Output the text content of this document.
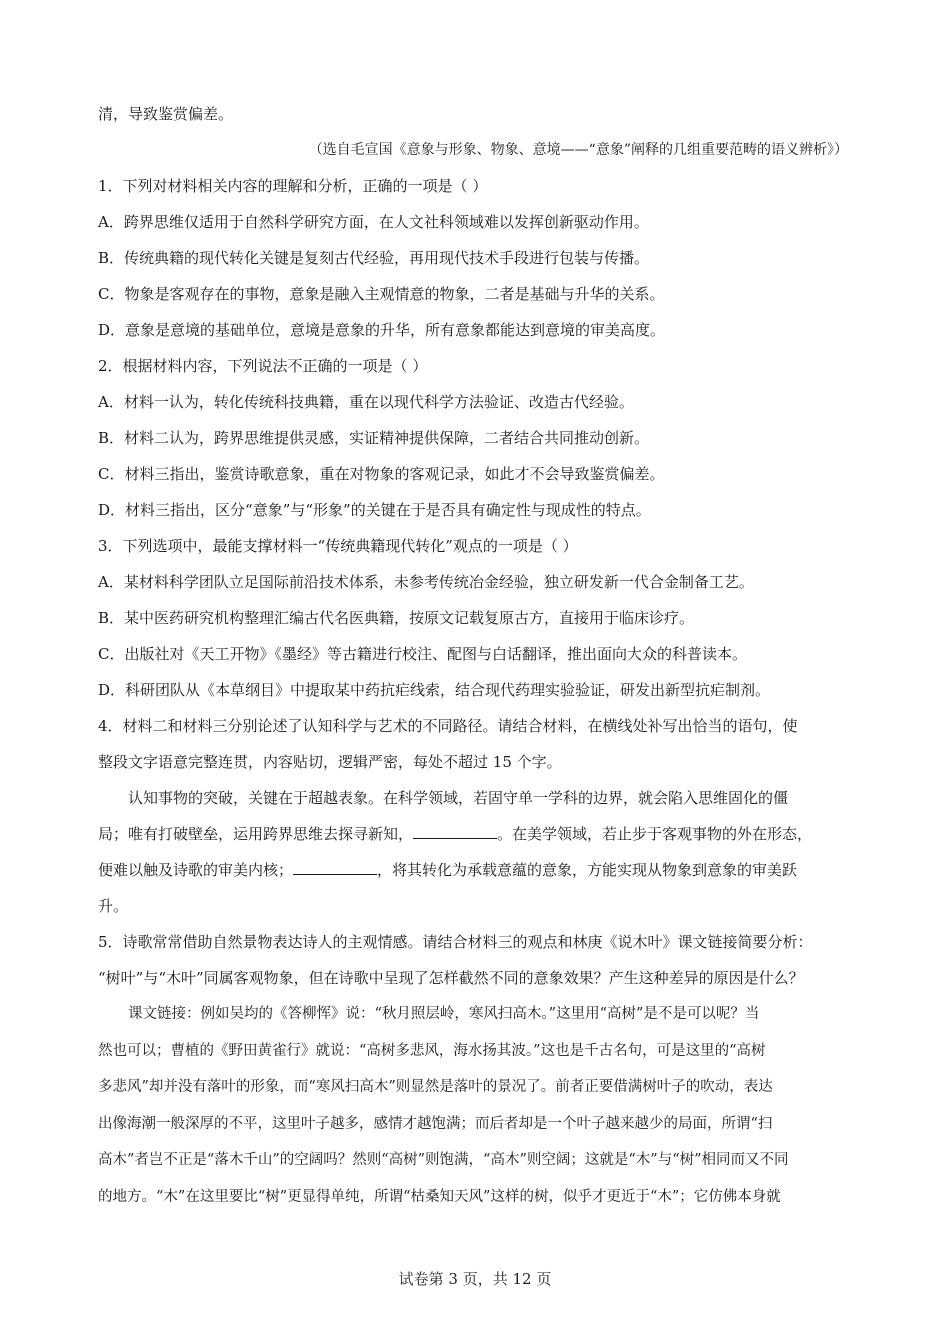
清，导致鉴赏偏差。
（选自毛宣国《意象与形象、物象、意境——“意象”阐释的几组重要范畴的语义辨析》）
1．下列对材料相关内容的理解和分析，正确的一项是（ ）
A．跨界思维仅适用于自然科学研究方面，在人文社科领域难以发挥创新驱动作用。
B．传统典籍的现代转化关键是复刻古代经验，再用现代技术手段进行包装与传播。
C．物象是客观存在的事物，意象是融入主观情意的物象，二者是基础与升华的关系。
D．意象是意境的基础单位，意境是意象的升华，所有意象都能达到意境的审美高度。
2．根据材料内容，下列说法不正确的一项是（ ）
A．材料一认为，转化传统科技典籍，重在以现代科学方法验证、改造古代经验。
B．材料二认为，跨界思维提供灵感，实证精神提供保障，二者结合共同推动创新。
C．材料三指出，鉴赏诗歌意象，重在对物象的客观记录，如此才不会导致鉴赏偏差。
D．材料三指出，区分“意象”与“形象”的关键在于是否具有确定性与现成性的特点。
3．下列选项中，最能支撑材料一“传统典籍现代转化”观点的一项是（ ）
A．某材料科学团队立足国际前沿技术体系，未参考传统冶金经验，独立研发新一代合金制备工艺。
B．某中医药研究机构整理汇编古代名医典籍，按原文记载复原古方，直接用于临床诊疗。
C．出版社对《天工开物》《墨经》等古籍进行校注、配图与白话翻译，推出面向大众的科普读本。
D．科研团队从《本草纲目》中提取某中药抗疟线索，结合现代药理实验验证，研发出新型抗疟制剂。
4．材料二和材料三分别论述了认知科学与艺术的不同路径。请结合材料，在横线处补写出恰当的语句，使
整段文字语意完整连贯，内容贴切，逻辑严密，每处不超过 15 个字。
认知事物的突破，关键在于超越表象。在科学领域，若固守单一学科的边界，就会陷入思维固化的僵
局；唯有打破壁垒，运用跨界思维去探寻新知，	。在美学领域，若止步于客观事物的外在形态，
便难以触及诗歌的审美内核；	，将其转化为承载意蕴的意象，方能实现从物象到意象的审美跃
升。
5．诗歌常常借助自然景物表达诗人的主观情感。请结合材料三的观点和林庚《说木叶》课文链接简要分析：
“树叶”与“木叶”同属客观物象，但在诗歌中呈现了怎样截然不同的意象效果？产生这种差异的原因是什么？
课文链接：例如吴均的《答柳恽》说：“秋月照层岭，寒风扫高木。”这里用“高树”是不是可以呢？当
然也可以；曹植的《野田黄雀行》就说：“高树多悲风，海水扬其波。”这也是千古名句，可是这里的“高树
多悲风”却并没有落叶的形象，而“寒风扫高木”则显然是落叶的景况了。前者正要借满树叶子的吹动，表达
出像海潮一般深厚的不平，这里叶子越多，感情才越饱满；而后者却是一个叶子越来越少的局面，所谓“扫
高木”者岂不正是“落木千山”的空阔吗？然则“高树”则饱满，“高木”则空阔；这就是“木”与“树”相同而又不同
的地方。“木”在这里要比“树”更显得单纯，所谓“枯桑知天风”这样的树，似乎才更近于“木”；它仿佛本身就
试卷第 3 页，共 12 页
